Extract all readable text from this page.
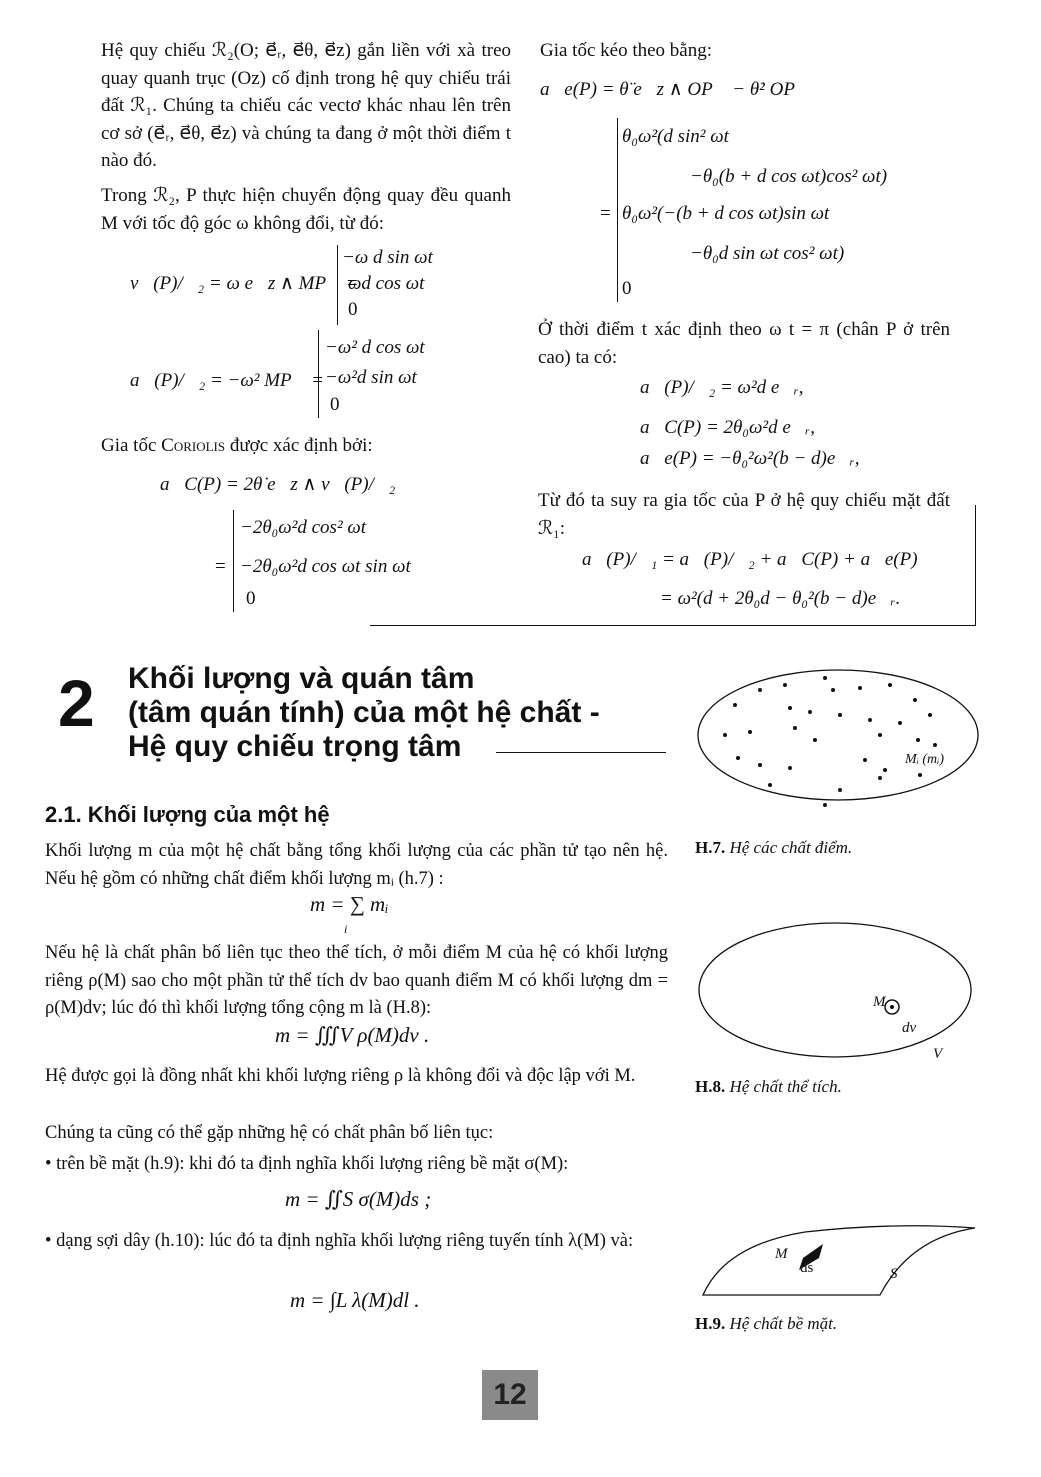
Hệ quy chiếu ℛ₂(O; e⃗ᵣ, e⃗θ, e⃗z) gắn liền với xà treo quay quanh trục (Oz) cố định trong hệ quy chiếu trái đất ℛ₁. Chúng ta chiếu các vectơ khác nhau lên trên cơ sở (e⃗ᵣ, e⃗θ, e⃗z) và chúng ta đang ở một thời điểm t nào đó.
Trong ℛ₂, P thực hiện chuyển động quay đều quanh M với tốc độ góc ω không đổi, từ đó:
v⃗(P)/ℛ₂ = ω e⃗z ∧ MP⃗ =
−ω d sin ωt
ωd cos ωt
0
a⃗(P)/ℛ₂ = −ω² MP⃗ =
−ω² d cos ωt
−ω²d sin ωt
0
Gia tốc Coriolis được xác định bởi:
a⃗C(P) = 2θ̇ e⃗z ∧ v⃗(P)/ℛ₂
=
−2θ₀ω²d cos² ωt
−2θ₀ω²d cos ωt sin ωt
0
Gia tốc kéo theo bằng:
a⃗e(P) = θ̈ e⃗z ∧ OP⃗ − θ̇² OP⃗
=
θ₀ω²(d sin² ωt
−θ₀(b + d cos ωt)cos² ωt)
θ₀ω²(−(b + d cos ωt)sin ωt
−θ₀d sin ωt cos² ωt)
0
Ở thời điểm t xác định theo ω t = π (chân P ở trên cao) ta có:
a⃗(P)/ℛ₂ = ω²d e⃗ᵣ,
a⃗C(P) = 2θ₀ω²d e⃗ᵣ,
a⃗e(P) = −θ₀²ω²(b − d)e⃗ᵣ,
Từ đó ta suy ra gia tốc của P ở hệ quy chiếu mặt đất ℛ₁:
a⃗(P)/ℛ₁ = a⃗(P)/ℛ₂ + a⃗C(P) + a⃗e(P)
= ω²(d + 2θ₀d − θ₀²(b − d)e⃗ᵣ.
2 Khối lượng và quán tâm
(tâm quán tính) của một hệ chất -
Hệ quy chiếu trọng tâm
2.1. Khối lượng của một hệ
Khối lượng m của một hệ chất bằng tổng khối lượng của các phần tử tạo nên hệ. Nếu hệ gồm có những chất điểm khối lượng mᵢ (h.7) :
m = ∑ mᵢ
i
Nếu hệ là chất phân bố liên tục theo thể tích, ở mỗi điểm M của hệ có khối lượng riêng ρ(M) sao cho một phần tử thể tích dv bao quanh điểm M có khối lượng dm = ρ(M)dv; lúc đó thì khối lượng tổng cộng m là (H.8):
m = ∭V ρ(M)dv .
Hệ được gọi là đồng nhất khi khối lượng riêng ρ là không đổi và độc lập với M.
Chúng ta cũng có thể gặp những hệ có chất phân bố liên tục:
• trên bề mặt (h.9): khi đó ta định nghĩa khối lượng riêng bề mặt σ(M):
m = ∬S σ(M)ds ;
• dạng sợi dây (h.10): lúc đó ta định nghĩa khối lượng riêng tuyến tính λ(M) và:
m = ∫L λ(M)dl .
Mᵢ (mᵢ)
H.7. Hệ các chất điểm.
M
dv
V
H.8. Hệ chất thể tích.
M
ds	S
H.9. Hệ chất bề mặt.
12
